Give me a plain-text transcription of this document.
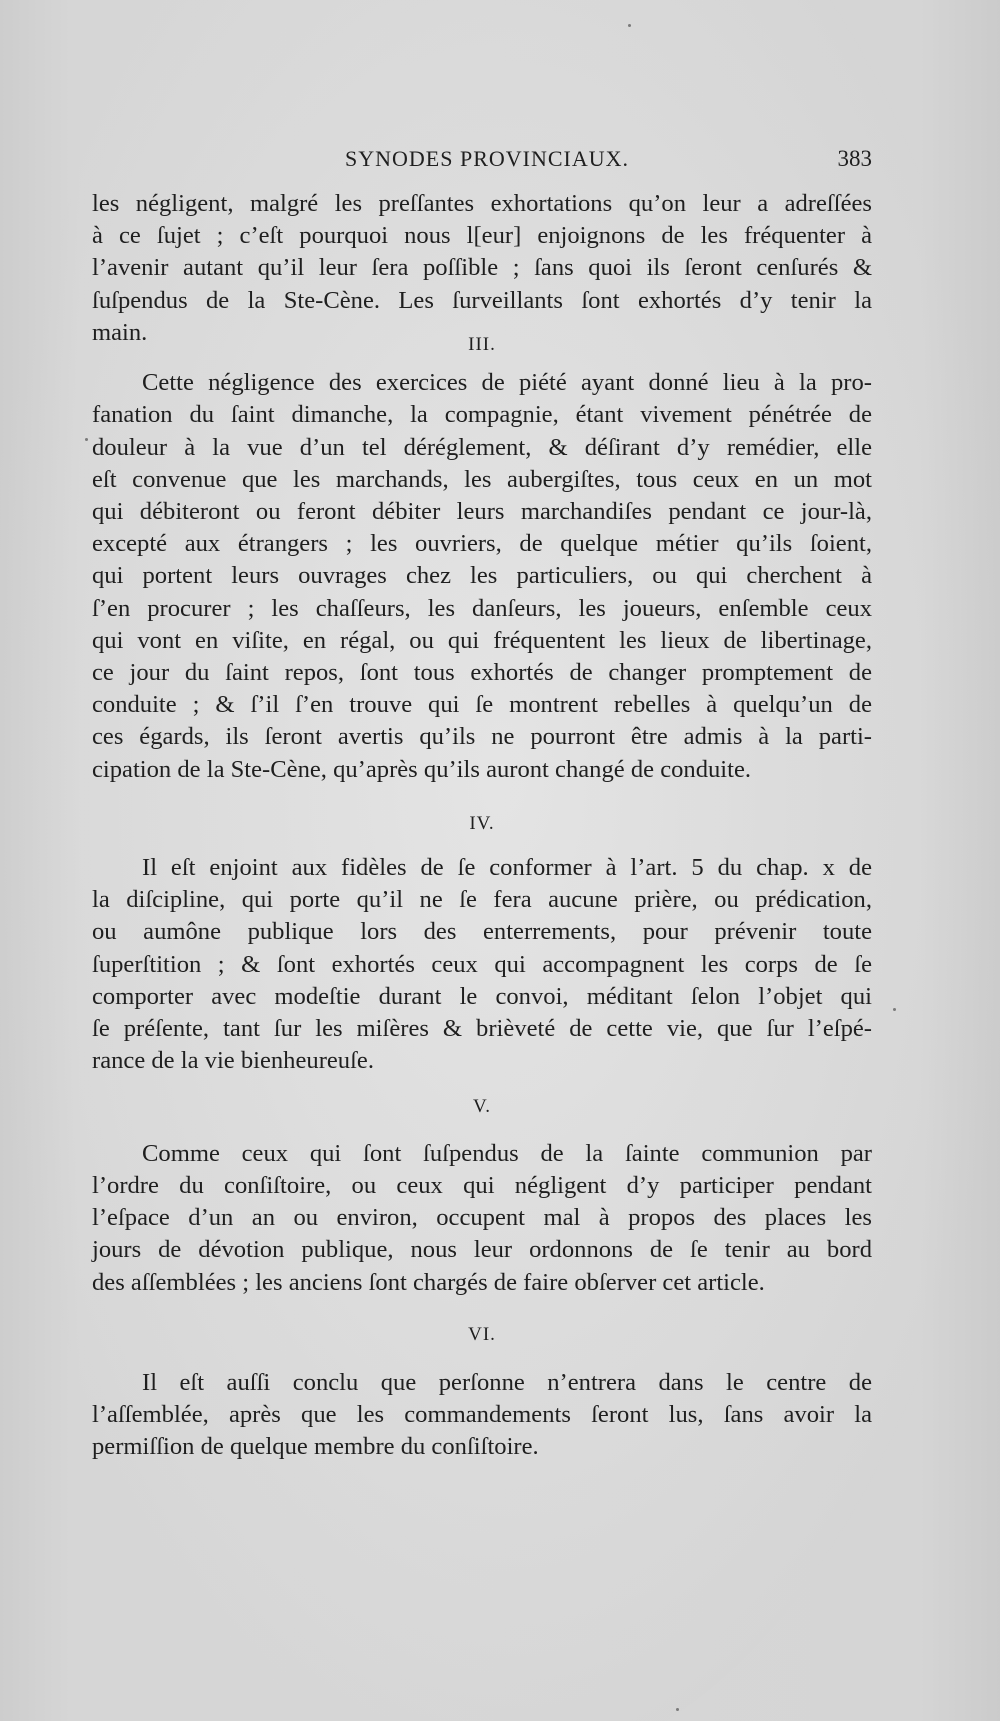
SYNODES PROVINCIAUX.	383

les négligent, malgré les preſſantes exhortations qu’on leur a adreſſées
à ce ſujet ; c’eſt pourquoi nous l[eur] enjoignons de les fréquenter à
l’avenir autant qu’il leur ſera poſſible ; ſans quoi ils ſeront cenſurés &
ſuſpendus de la Ste-Cène. Les ſurveillants ſont exhortés d’y tenir la
main.	III.

Cette négligence des exercices de piété ayant donné lieu à la pro-
fanation du ſaint dimanche, la compagnie, étant vivement pénétrée de
douleur à la vue d’un tel déréglement, & déſirant d’y remédier, elle
eſt convenue que les marchands, les aubergiſtes, tous ceux en un mot
qui débiteront ou feront débiter leurs marchandiſes pendant ce jour-là,
excepté aux étrangers ; les ouvriers, de quelque métier qu’ils ſoient,
qui portent leurs ouvrages chez les particuliers, ou qui cherchent à
ſ’en procurer ; les chaſſeurs, les danſeurs, les joueurs, enſemble ceux
qui vont en viſite, en régal, ou qui fréquentent les lieux de libertinage,
ce jour du ſaint repos, ſont tous exhortés de changer promptement de
conduite ; & ſ’il ſ’en trouve qui ſe montrent rebelles à quelqu’un de
ces égards, ils ſeront avertis qu’ils ne pourront être admis à la parti-
cipation de la Ste-Cène, qu’après qu’ils auront changé de conduite.

IV.

Il eſt enjoint aux fidèles de ſe conformer à l’art. 5 du chap. x de
la diſcipline, qui porte qu’il ne ſe fera aucune prière, ou prédication,
ou aumône publique lors des enterrements, pour prévenir toute
ſuperſtition ; & ſont exhortés ceux qui accompagnent les corps de ſe
comporter avec modeſtie durant le convoi, méditant ſelon l’objet qui
ſe préſente, tant ſur les miſères & brièveté de cette vie, que ſur l’eſpé-
rance de la vie bienheureuſe.

V.

Comme ceux qui ſont ſuſpendus de la ſainte communion par
l’ordre du conſiſtoire, ou ceux qui négligent d’y participer pendant
l’eſpace d’un an ou environ, occupent mal à propos des places les
jours de dévotion publique, nous leur ordonnons de ſe tenir au bord
des aſſemblées ; les anciens ſont chargés de faire obſerver cet article.

VI.

Il eſt auſſi conclu que perſonne n’entrera dans le centre de
l’aſſemblée, après que les commandements ſeront lus, ſans avoir la
permiſſion de quelque membre du conſiſtoire.
